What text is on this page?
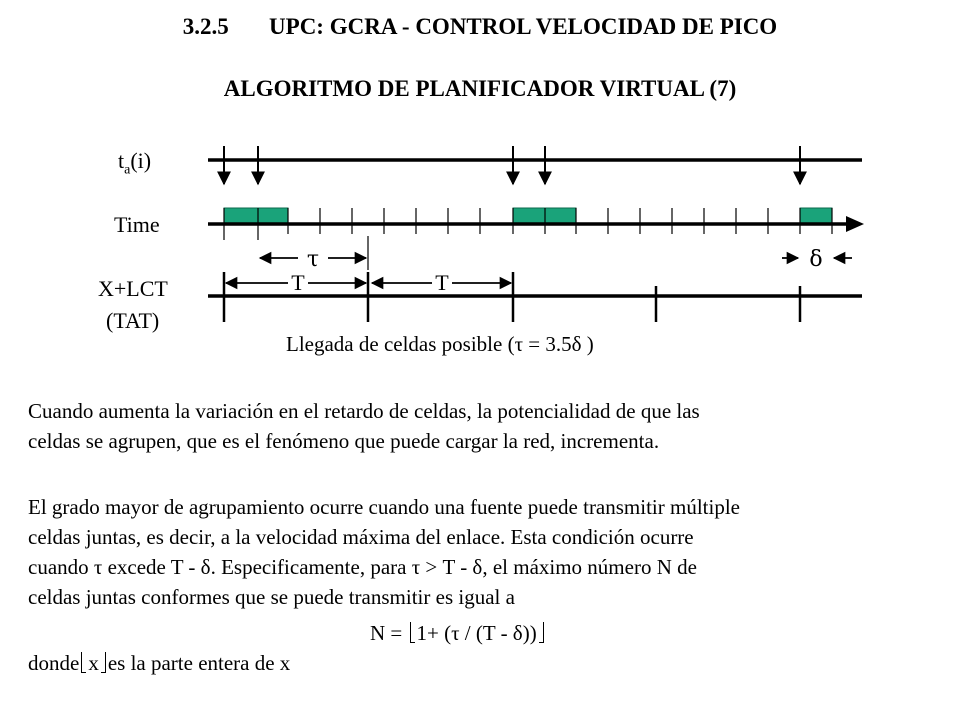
3.2.5       UPC: GCRA - CONTROL VELOCIDAD DE PICO
ALGORITMO DE PLANIFICADOR VIRTUAL (7)
$t_a(i)$
Time
X+LCT
(TAT)
τ	δ
T	T
Llegada de celdas posible (τ = 3.5δ )
Cuando aumenta la variación en el retardo de celdas, la potencialidad de que las
celdas se agrupen, que es el fenómeno que puede cargar la red, incrementa.
El grado mayor de agrupamiento ocurre cuando una fuente puede transmitir múltiple
celdas juntas, es decir, a la velocidad máxima del enlace. Esta condición ocurre
cuando τ excede T - δ. Especificamente, para τ > T - δ, el máximo número N de
celdas juntas conformes que se puede transmitir es igual a
N = 1+ (τ / (T - δ))
donde x es la parte entera de x
